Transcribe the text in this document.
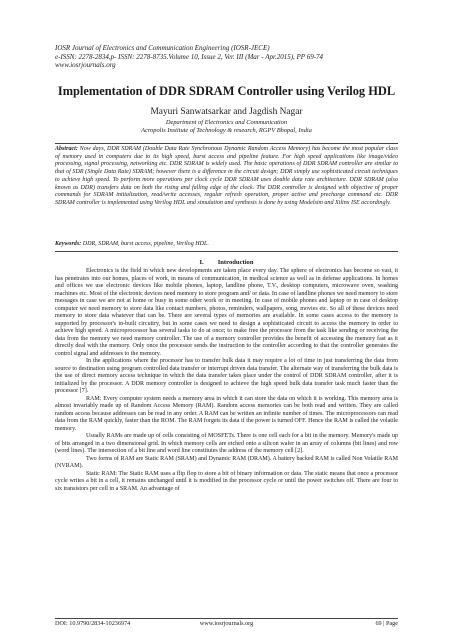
IOSR Journal of Electronics and Communication Engineering (IOSR-JECE)
e-ISSN: 2278-2834,p- ISSN: 2278-8735.Volume 10, Issue 2, Ver. III (Mar - Apr.2015), PP 69-74
www.iosrjournals.org
Implementation of DDR SDRAM Controller using Verilog HDL
Mayuri Sanwatsarkar and Jagdish Nagar
Department of Electronics and Communication
Acropolis Institute of Technology & research, RGPV Bhopal, India
Abstract: Now days, DDR SDRAM (Double Data Rate Synchronous Dynamic Random Access Memory) has become the most popular class of memory used in computers due to its high speed, burst access and pipeline feature. For high speed applications like image/video processing, signal processing, networking etc. DDR SDRAM is widely used. The basic operations of DDR SDRAM controller are similar to that of SDR (Single Data Rate) SDRAM; however there is a difference in the circuit design; DDR simply use sophisticated circuit techniques to achieve high speed. To perform more operations per clock cycle DDR SDRAM uses double data rate architecture. DDR SDRAM (also known as DDR) transfers data on both the rising and falling edge of the clock. The DDR controller is designed with objective of proper commands for SDRAM initialization, read/write accesses, regular refresh operation, proper active and precharge command etc. DDR SDRAM controller is implemented using Verilog HDL and simulation and synthesis is done by using Modelsim and Xilinx ISE accordingly.
Keywords: DDR, SDRAM, burst access, pipeline, Verilog HDL.
I. Introduction

Electronics is the field in which new developments are taken place every day. The sphere of electronics has become so vast, it has penetrates into our homes, places of work, in means of communication, in medical science as well as in defense applications. In homes and offices we use electronic devices like mobile phones, laptop, landline phone, T.V., desktop computers, microwave oven, washing machines etc. Most of the electronic devices need memory to store program and/ or data. In case of landline phones we need memory to store messages in case we are not at home or busy in some other work or in meeting. In case of mobile phones and laptop or in case of desktop computer we need memory to store data like contact numbers, photos, reminders, wallpapers, song, movies etc. So all of these devices need memory to store data whatever that can be. There are several types of memories are available. In some cases access to the memory is supported by processor's in-built circuitry, but in some cases we need to design a sophisticated circuit to access the memory in order to achieve high speed. A microprocessor has several tasks to do at once; to make free the processor from the task like sending or receiving the data from the memory we need memory controller. The use of a memory controller provides the benefit of accessing the memory fast as it directly deal with the memory. Only once the processor sends the instruction to the controller according to that the controller generates the control signal and addresses to the memory.

In the applications where the processor has to transfer bulk data it may require a lot of time in just transferring the data from source to destination using program controlled data transfer or interrupt driven data transfer. The alternate way of transferring the bulk data is the use of direct memory access technique in which the data transfer takes place under the control of DDR SDRAM controller, after it is initialized by the processor. A DDR memory controller is designed to achieve the high speed bulk data transfer task much faster than the processor [7].

RAM: Every computer system needs a memory area in which it can store the data on which it is working. This memory area is almost invariably made up of Random Access Memory (RAM). Random access memories can be both read and written. They are called random access because addresses can be read in any order. A RAM can be written an infinite number of times. The microprocessors can read data from the RAM quickly, faster than the ROM. The RAM forgets its data if the power is turned OFF. Hence the RAM is called the volatile memory.

Usually RAMs are made up of cells consisting of MOSFETs. There is one cell each for a bit in the memory. Memory's made up of bits arranged in a two dimensional grid. In which memory cells are etched onto a silicon wafer in an array of columns (bit lines) and row (word lines). The intersection of a bit line and word line constitutes the address of the memory cell [2].

Two forms of RAM are Static RAM (SRAM) and Dynamic RAM (DRAM). A battery backed RAM is called Non Volatile RAM (NVRAM).

Static RAM: The Static RAM uses a flip flop to store a bit of binary information or data. The static means that once a processor cycle writes a bit in a cell, it remains unchanged until it is modified in the processor cycle or until the power switches off. There are four to six transistors per cell in a SRAM. An advantage of

DOI: 10.9790/2834-10236974	www.iosrjournals.org	69 | Page
